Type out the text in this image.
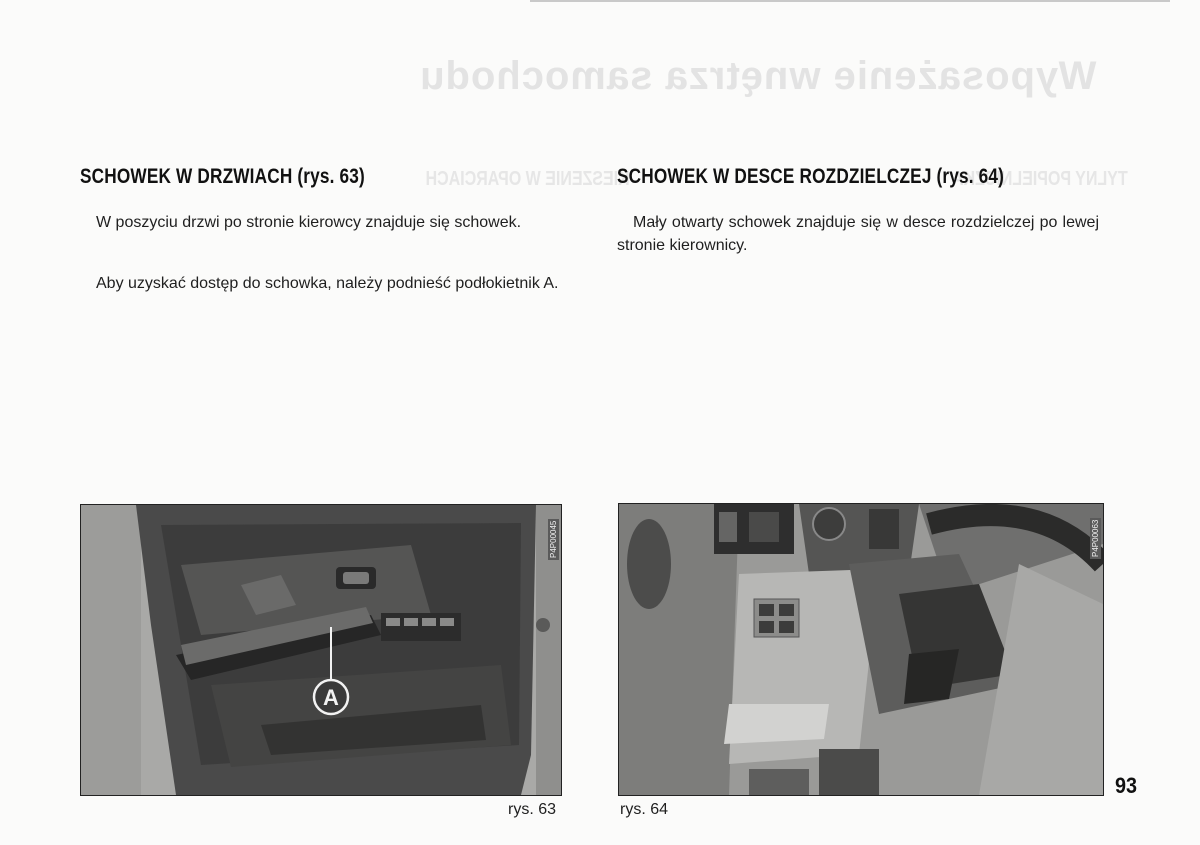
Wyposażenie wnętrza samochodu
KIESZENIE W OPARCIACH	TYLNY POPIELNICZKA
SCHOWEK W DRZWIACH (rys. 63)

W poszyciu drzwi po stronie kierowcy znajduje się schowek.

Aby uzyskać dostęp do schowka, należy podnieść podłokietnik A.

SCHOWEK W DESCE ROZDZIELCZEJ (rys. 64)

Mały otwarty schowek znajduje się w desce rozdzielczej po lewej stronie kierownicy.

A
P4P00045
rys. 63
P4P00063
rys. 64
93
